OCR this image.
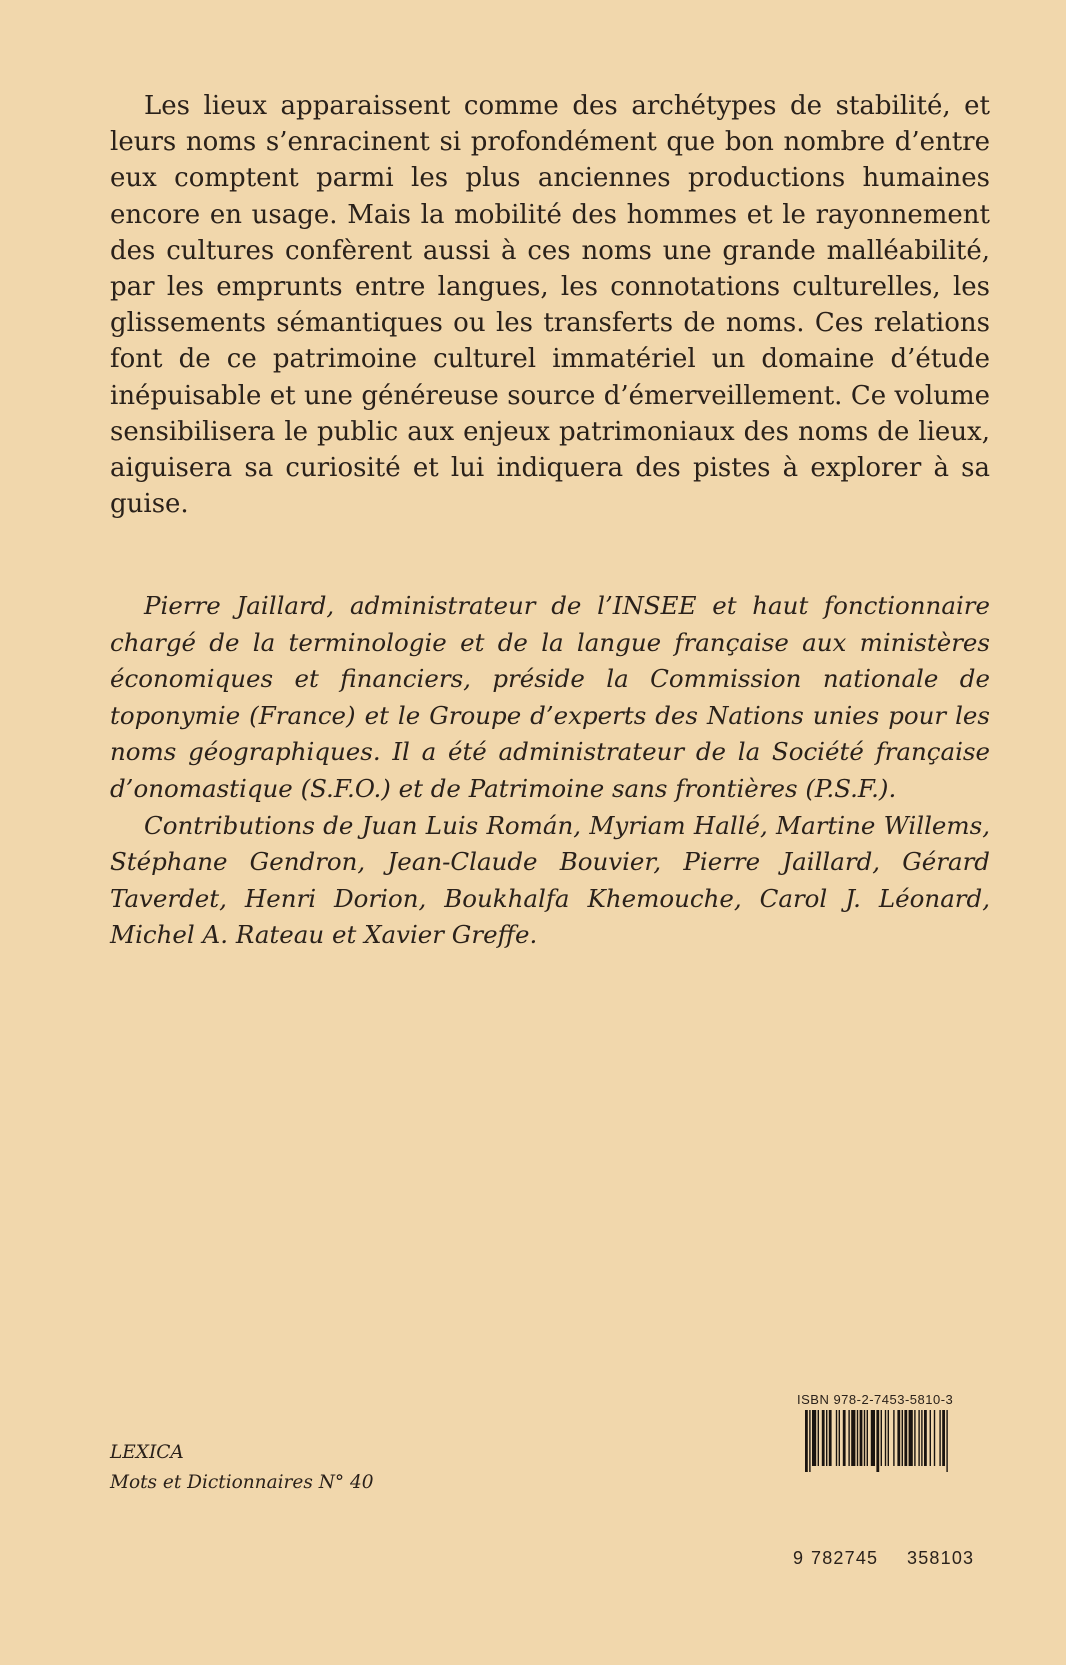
Les lieux apparaissent comme des archétypes de stabilité, et leurs noms s’enracinent si profondément que bon nombre d’entre eux comptent parmi les plus anciennes productions humaines encore en usage. Mais la mobilité des hommes et le rayonnement des cultures confèrent aussi à ces noms une grande malléabilité, par les emprunts entre langues, les connotations culturelles, les glissements sémantiques ou les transferts de noms. Ces relations font de ce patrimoine culturel immatériel un domaine d’étude inépuisable et une généreuse source d’émerveillement. Ce volume sensibilisera le public aux enjeux patrimoniaux des noms de lieux, aiguisera sa curiosité et lui indiquera des pistes à explorer à sa guise.

Pierre Jaillard, administrateur de l’INSEE et haut fonctionnaire chargé de la terminologie et de la langue française aux ministères économiques et financiers, préside la Commission nationale de toponymie (France) et le Groupe d’experts des Nations unies pour les noms géographiques. Il a été administrateur de la Société française d’onomastique (S.F.O.) et de Patrimoine sans frontières (P.S.F.).

Contributions de Juan Luis Román, Myriam Hallé, Martine Willems, Stéphane Gendron, Jean-Claude Bouvier, Pierre Jaillard, Gérard Taverdet, Henri Dorion, Boukhalfa Khemouche, Carol J. Léonard, Michel A. Rateau et Xavier Greffe.

LEXICA
Mots et Dictionnaires N° 40
ISBN 978-2-7453-5810-3
9 782745 358103
